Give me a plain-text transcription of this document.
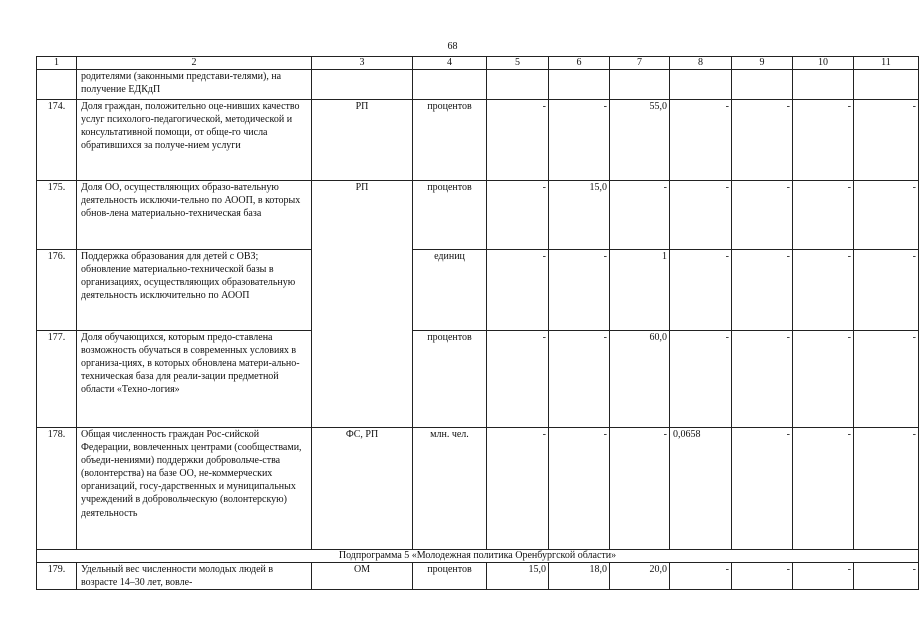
68
1	2	3	4	5	6	7	8	9	10	11
	родителями (законными представи-телями), на получение ЕДКдП									
174.	Доля граждан, положительно оце-нивших качество услуг психолого-педагогической, методической и консультативной помощи, от обще-го числа обратившихся за получе-нием услуги	РП	процентов	-	-	55,0	-	-	-	-
175.	Доля ОО, осуществляющих образо-вательную деятельность исключи-тельно по АООП, в которых обнов-лена материально-техническая база	РП	процентов	-	15,0	-	-	-	-	-
176.	Поддержка образования для детей с ОВЗ; обновление материально-технической базы в организациях, осуществляющих образовательную деятельность исключительно по АООП		единиц	-	-	1	-	-	-	-
177.	Доля обучающихся, которым предо-ставлена возможность обучаться в современных условиях в организа-циях, в которых обновлена матери-ально-техническая база для реали-зации предметной области «Техно-логия»		процентов	-	-	60,0	-	-	-	-
178.	Общая численность граждан Рос-сийской Федерации, вовлеченных центрами (сообществами, объеди-нениями) поддержки добровольче-ства (волонтерства) на базе ОО, не-коммерческих организаций, госу-дарственных и муниципальных учреждений в добровольческую (волонтерскую) деятельность	ФС, РП	млн. чел.	-	-	-	0,0658	-	-	-
Подпрограмма 5 «Молодежная политика Оренбургской области»										
179.	Удельный вес численности молодых людей в возрасте 14–30 лет, вовле-	ОМ	процентов	15,0	18,0	20,0	-	-	-	-
